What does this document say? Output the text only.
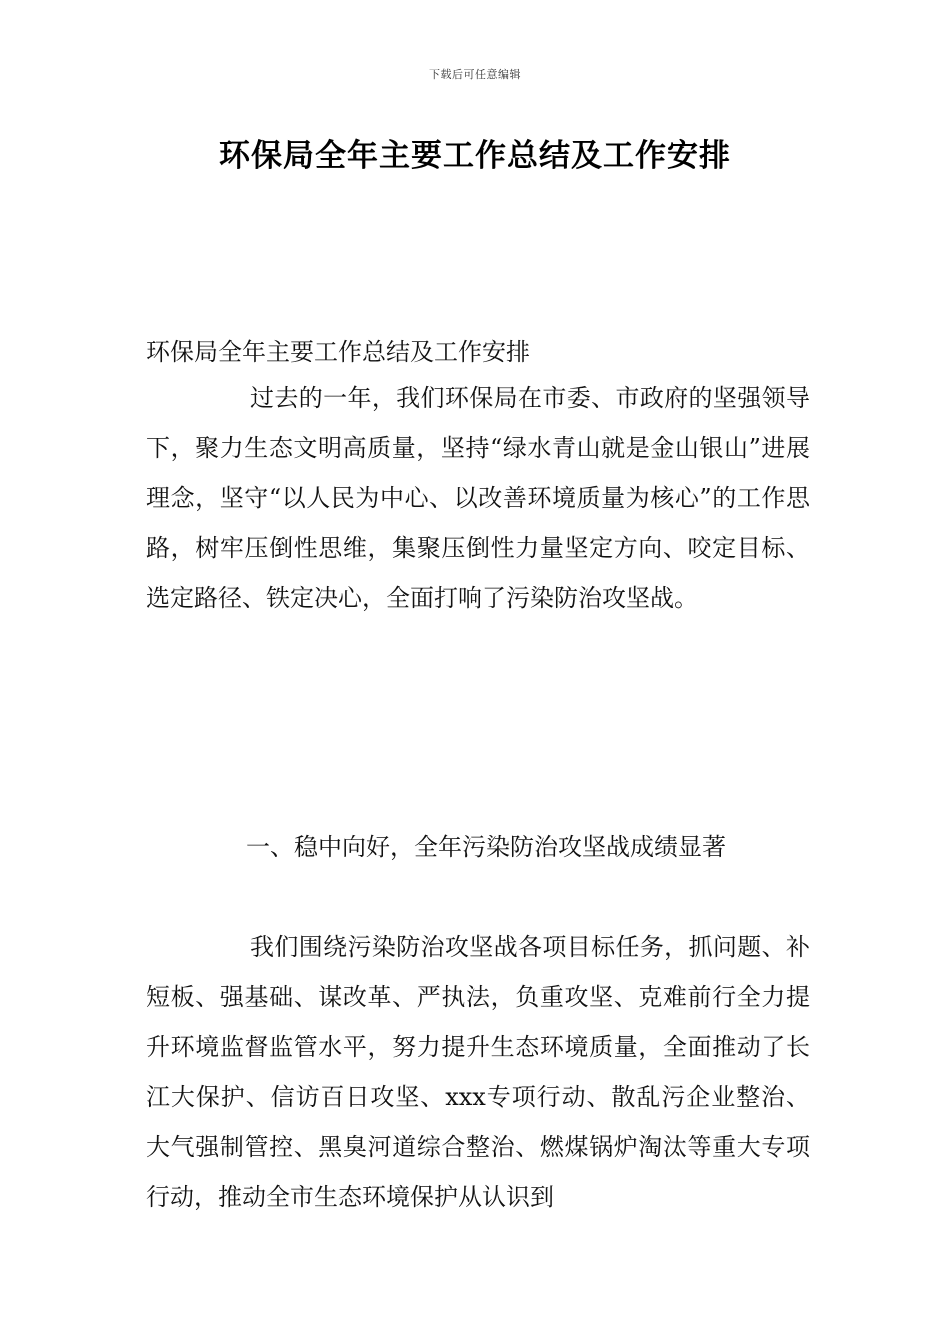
下载后可任意编辑
环保局全年主要工作总结及工作安排

环保局全年主要工作总结及工作安排

过去的一年，我们环保局在市委、市政府的坚强领导下，聚力生态文明高质量，坚持“绿水青山就是金山银山”进展理念，坚守“以人民为中心、以改善环境质量为核心”的工作思路，树牢压倒性思维，集聚压倒性力量坚定方向、咬定目标、选定路径、铁定决心，全面打响了污染防治攻坚战。

一、稳中向好，全年污染防治攻坚战成绩显著

我们围绕污染防治攻坚战各项目标任务，抓问题、补短板、强基础、谋改革、严执法，负重攻坚、克难前行全力提升环境监督监管水平，努力提升生态环境质量，全面推动了长江大保护、信访百日攻坚、xxx专项行动、散乱污企业整治、大气强制管控、黑臭河道综合整治、燃煤锅炉淘汰等重大专项行动，推动全市生态环境保护从认识到
